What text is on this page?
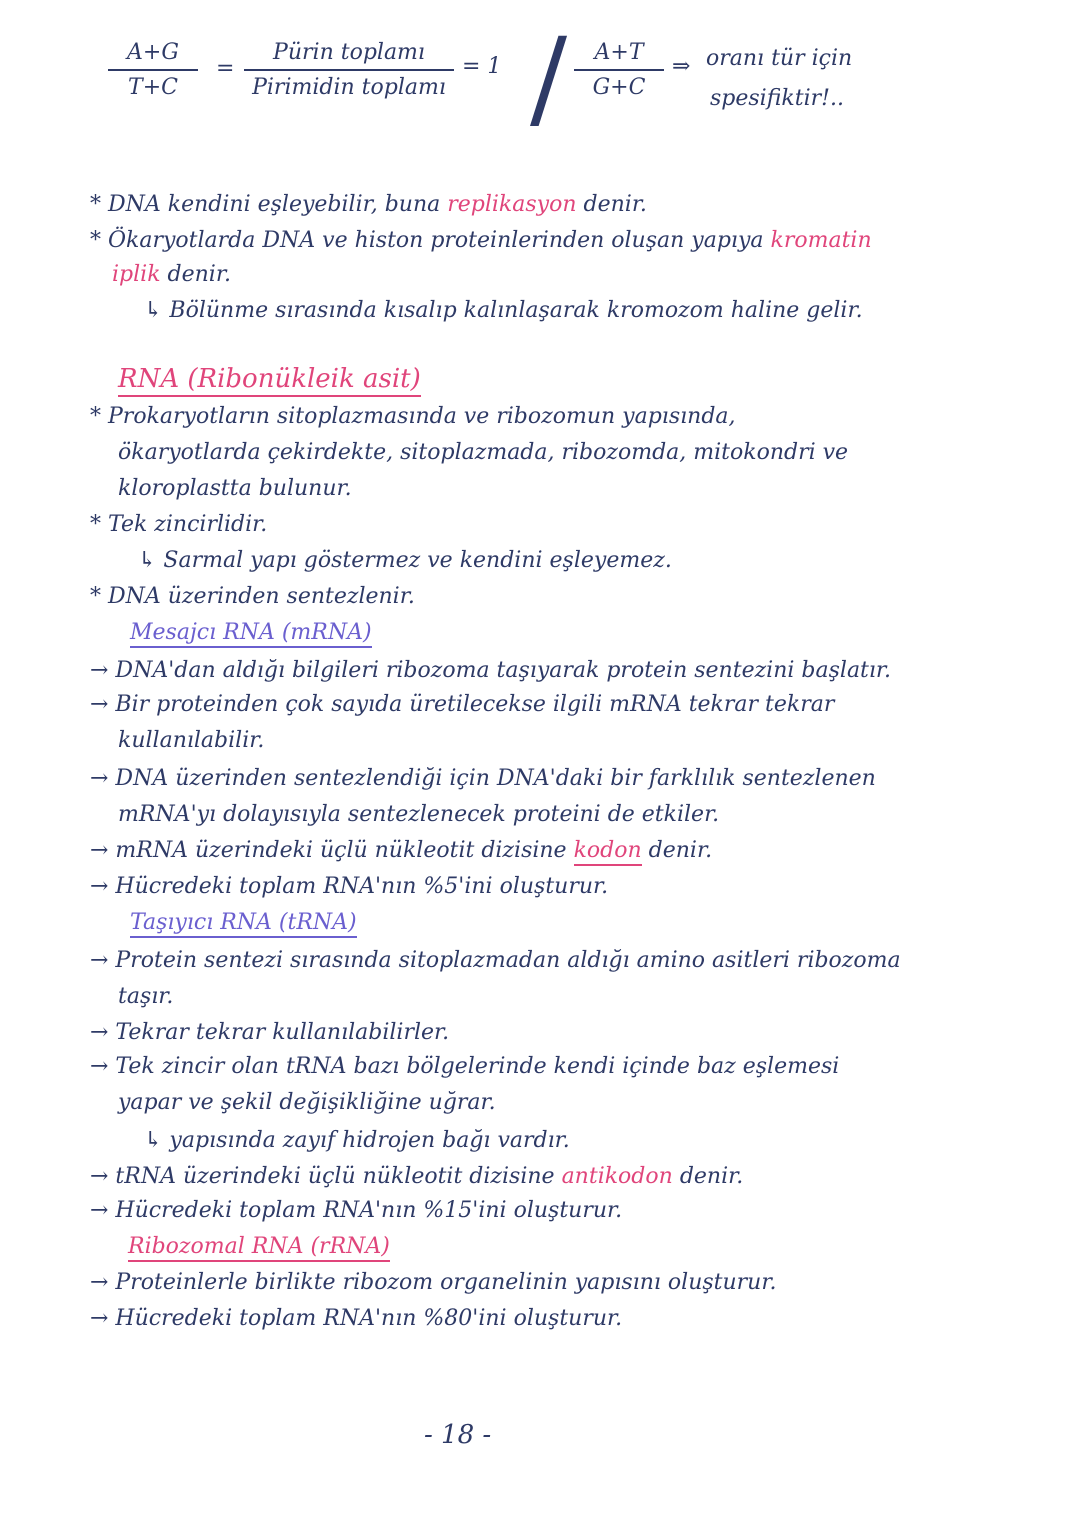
A+G
T+C
=
Pürin toplamı
Pirimidin toplamı
= 1 /	A+T
G+C
⇒ oranı tür için
spesifiktir!..
* DNA kendini eşleyebilir, buna replikasyon denir.
* Ökaryotlarda DNA ve histon proteinlerinden oluşan yapıya kromatin
iplik denir.
↳ Bölünme sırasında kısalıp kalınlaşarak kromozom haline gelir.
RNA (Ribonükleik asit)
* Prokaryotların sitoplazmasında ve ribozomun yapısında,
ökaryotlarda çekirdekte, sitoplazmada, ribozomda, mitokondri ve
kloroplastta bulunur.
* Tek zincirlidir.
↳ Sarmal yapı göstermez ve kendini eşleyemez.
* DNA üzerinden sentezlenir.
Mesajcı RNA (mRNA)
→ DNA'dan aldığı bilgileri ribozoma taşıyarak protein sentezini başlatır.
→ Bir proteinden çok sayıda üretilecekse ilgili mRNA tekrar tekrar
kullanılabilir.
→ DNA üzerinden sentezlendiği için DNA'daki bir farklılık sentezlenen
mRNA'yı dolayısıyla sentezlenecek proteini de etkiler.
→ mRNA üzerindeki üçlü nükleotit dizisine kodon denir.
→ Hücredeki toplam RNA'nın %5'ini oluşturur.
Taşıyıcı RNA (tRNA)
→ Protein sentezi sırasında sitoplazmadan aldığı amino asitleri ribozoma
taşır.
→ Tekrar tekrar kullanılabilirler.
→ Tek zincir olan tRNA bazı bölgelerinde kendi içinde baz eşlemesi
yapar ve şekil değişikliğine uğrar.
↳ yapısında zayıf hidrojen bağı vardır.
→ tRNA üzerindeki üçlü nükleotit dizisine antikodon denir.
→ Hücredeki toplam RNA'nın %15'ini oluşturur.
Ribozomal RNA (rRNA)
→ Proteinlerle birlikte ribozom organelinin yapısını oluşturur.
→ Hücredeki toplam RNA'nın %80'ini oluşturur.
- 18 -
